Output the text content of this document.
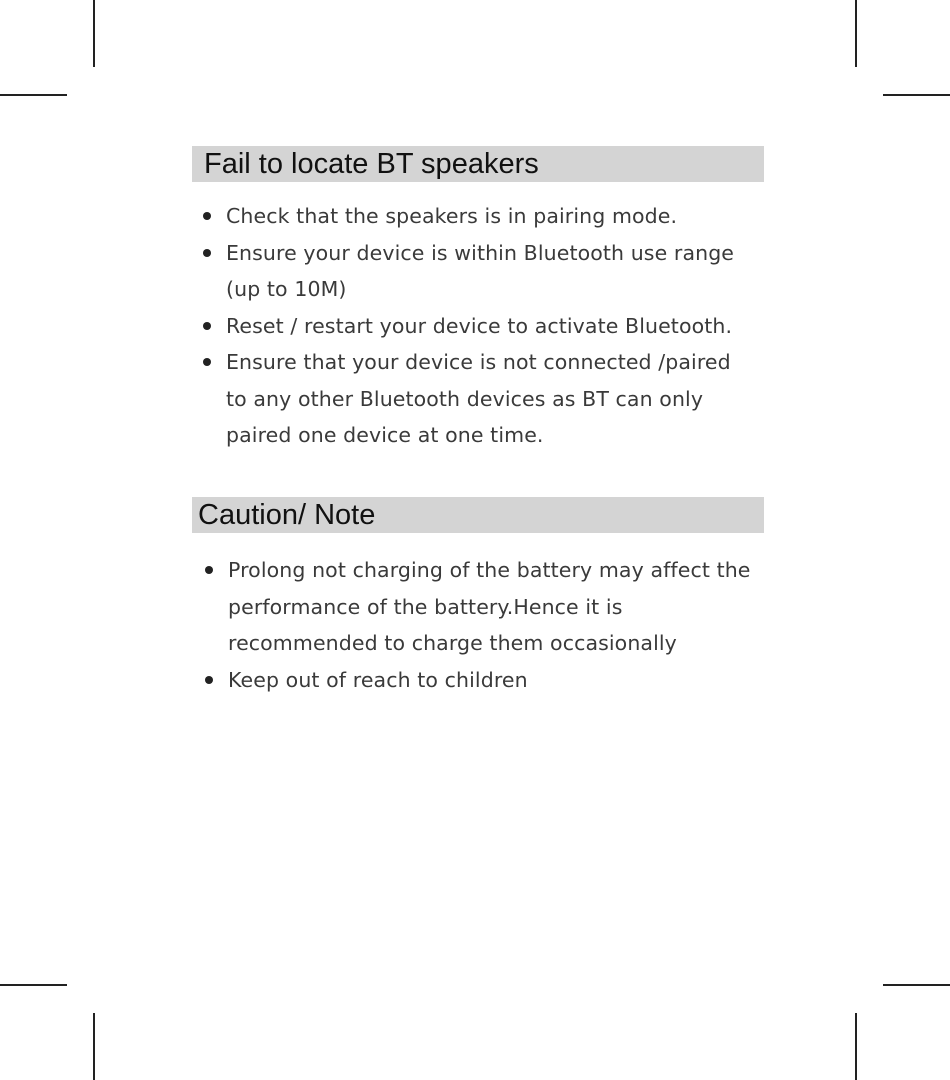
Fail to locate BT speakers
Check that the speakers is in pairing mode.
Ensure your device is within Bluetooth use range
(up to 10M)
Reset / restart your device to activate Bluetooth.
Ensure that your device is not connected /paired
to any other Bluetooth devices as BT can only
paired one device at one time.
Caution/ Note
Prolong not charging of the battery may affect the
performance of the battery.Hence it is
recommended to charge them occasionally
Keep out of reach to children
